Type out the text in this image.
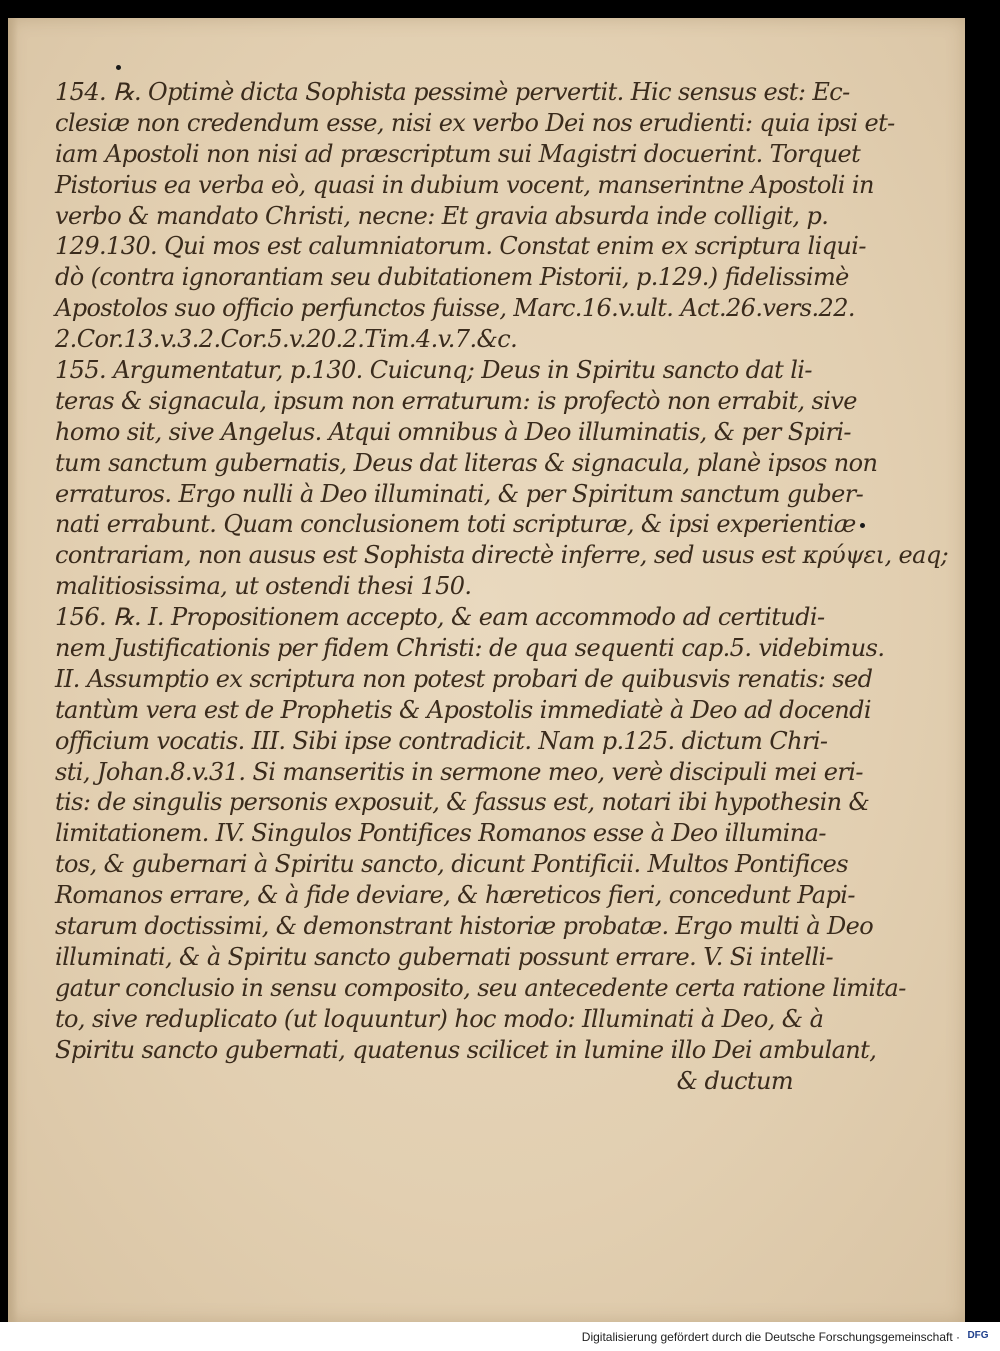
154. ℞. Optimè dicta Sophista pessimè pervertit. Hic sensus est: Ec-
clesiæ non credendum esse, nisi ex verbo Dei nos erudienti: quia ipsi et-
iam Apostoli non nisi ad præscriptum sui Magistri docuerint. Torquet
Pistorius ea verba eò, quasi in dubium vocent, manserintne Apostoli in
verbo & mandato Christi, necne: Et gravia absurda inde colligit, p.
129.130. Qui mos est calumniatorum. Constat enim ex scriptura liqui-
dò (contra ignorantiam seu dubitationem Pistorii, p.129.) fidelissimè
Apostolos suo officio perfunctos fuisse, Marc.16.v.ult. Act.26.vers.22.
2.Cor.13.v.3.2.Cor.5.v.20.2.Tim.4.v.7.&c.
155. Argumentatur, p.130. Cuicunq; Deus in Spiritu sancto dat li-
teras & signacula, ipsum non erraturum: is profectò non errabit, sive
homo sit, sive Angelus. Atqui omnibus à Deo illuminatis, & per Spiri-
tum sanctum gubernatis, Deus dat literas & signacula, planè ipsos non
erraturos. Ergo nulli à Deo illuminati, & per Spiritum sanctum guber-
nati errabunt. Quam conclusionem toti scripturæ, & ipsi experientiæ
contrariam, non ausus est Sophista directè inferre, sed usus est κρύψει, eaq;
malitiosissima, ut ostendi thesi 150.
156. ℞. I. Propositionem accepto, & eam accommodo ad certitudi-
nem Justificationis per fidem Christi: de qua sequenti cap.5. videbimus.
II. Assumptio ex scriptura non potest probari de quibusvis renatis: sed
tantùm vera est de Prophetis & Apostolis immediatè à Deo ad docendi
officium vocatis. III. Sibi ipse contradicit. Nam p.125. dictum Chri-
sti, Johan.8.v.31. Si manseritis in sermone meo, verè discipuli mei eri-
tis: de singulis personis exposuit, & fassus est, notari ibi hypothesin &
limitationem. IV. Singulos Pontifices Romanos esse à Deo illumina-
tos, & gubernari à Spiritu sancto, dicunt Pontificii. Multos Pontifices
Romanos errare, & à fide deviare, & hæreticos fieri, concedunt Papi-
starum doctissimi, & demonstrant historiæ probatæ. Ergo multi à Deo
illuminati, & à Spiritu sancto gubernati possunt errare. V. Si intelli-
gatur conclusio in sensu composito, seu antecedente certa ratione limita-
to, sive reduplicato (ut loquuntur) hoc modo: Illuminati à Deo, & à
Spiritu sancto gubernati, quatenus scilicet in lumine illo Dei ambulant,
& ductum
Digitalisierung gefördert durch die Deutsche Forschungsgemeinschaft · DFG
